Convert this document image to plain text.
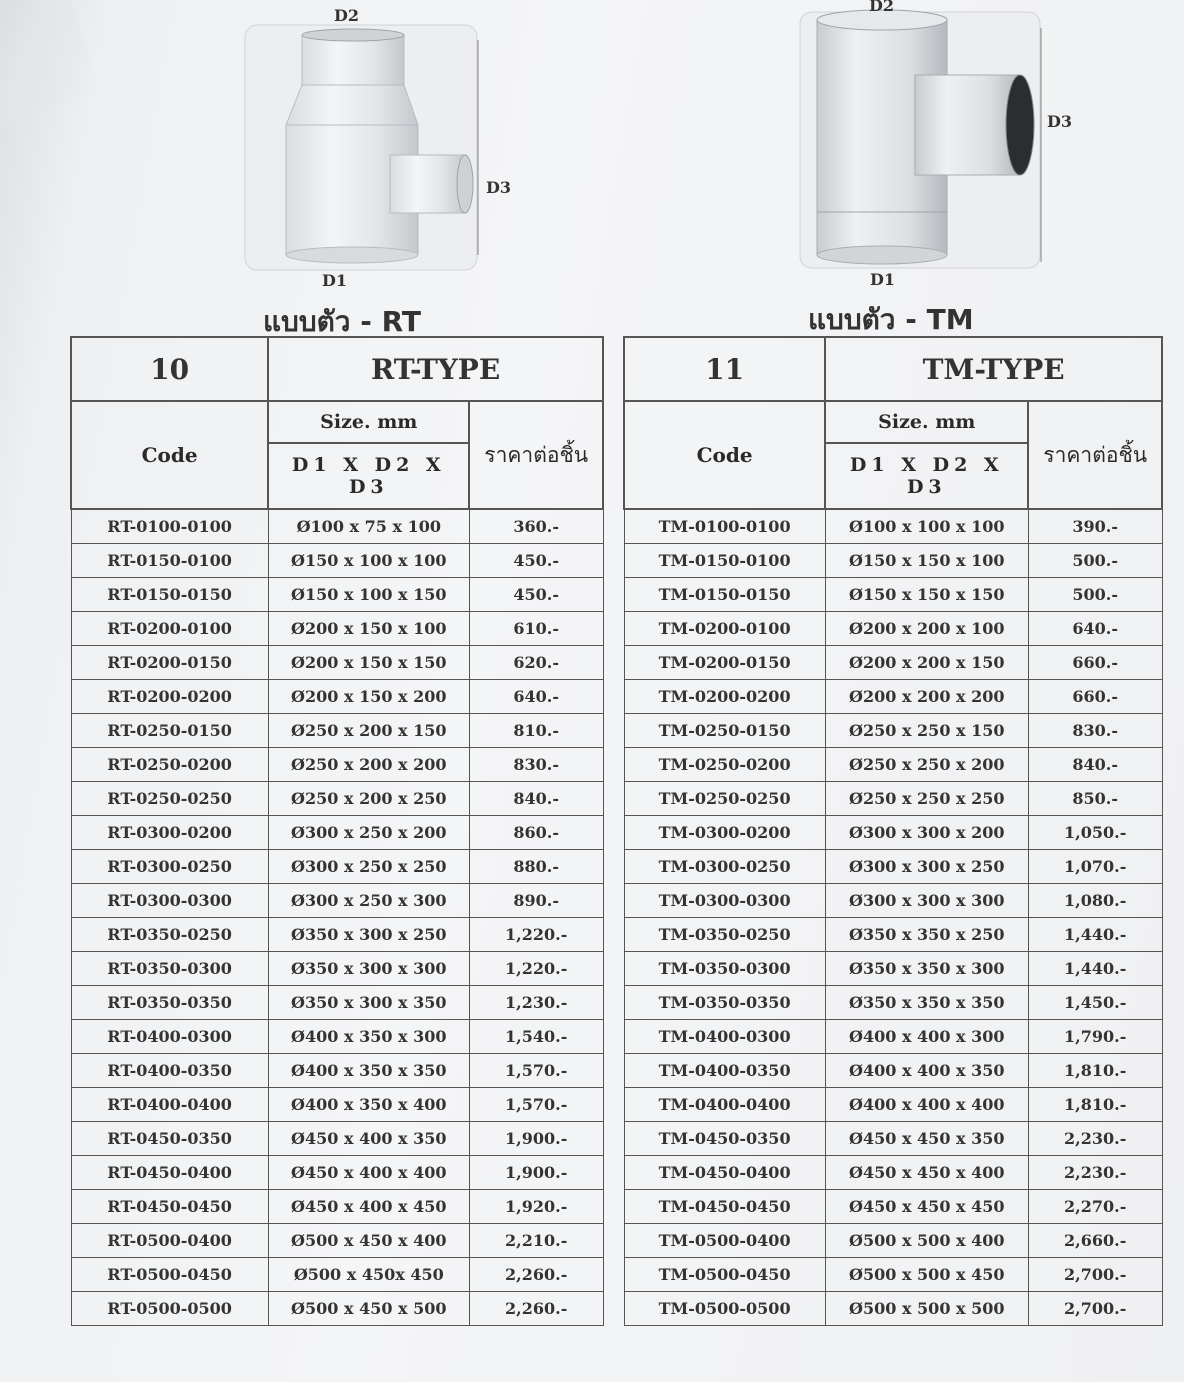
D2
D3
D1
แบบตัว - RT
D2
D3
D1
แบบตัว - TM
10	RT-TYPE	
Code	Size. mm	ราคาต่อชิ้น
	D1 X D2 X D3	
RT-0100-0100	Ø100 x 75 x 100	360.-
RT-0150-0100	Ø150 x 100 x 100	450.-
RT-0150-0150	Ø150 x 100 x 150	450.-
RT-0200-0100	Ø200 x 150 x 100	610.-
RT-0200-0150	Ø200 x 150 x 150	620.-
RT-0200-0200	Ø200 x 150 x 200	640.-
RT-0250-0150	Ø250 x 200 x 150	810.-
RT-0250-0200	Ø250 x 200 x 200	830.-
RT-0250-0250	Ø250 x 200 x 250	840.-
RT-0300-0200	Ø300 x 250 x 200	860.-
RT-0300-0250	Ø300 x 250 x 250	880.-
RT-0300-0300	Ø300 x 250 x 300	890.-
RT-0350-0250	Ø350 x 300 x 250	1,220.-
RT-0350-0300	Ø350 x 300 x 300	1,220.-
RT-0350-0350	Ø350 x 300 x 350	1,230.-
RT-0400-0300	Ø400 x 350 x 300	1,540.-
RT-0400-0350	Ø400 x 350 x 350	1,570.-
RT-0400-0400	Ø400 x 350 x 400	1,570.-
RT-0450-0350	Ø450 x 400 x 350	1,900.-
RT-0450-0400	Ø450 x 400 x 400	1,900.-
RT-0450-0450	Ø450 x 400 x 450	1,920.-
RT-0500-0400	Ø500 x 450 x 400	2,210.-
RT-0500-0450	Ø500 x 450x 450	2,260.-
RT-0500-0500	Ø500 x 450 x 500	2,260.-
11	TM-TYPE	
Code	Size. mm	ราคาต่อชิ้น
	D1 X D2 X D3	
TM-0100-0100	Ø100 x 100 x 100	390.-
TM-0150-0100	Ø150 x 150 x 100	500.-
TM-0150-0150	Ø150 x 150 x 150	500.-
TM-0200-0100	Ø200 x 200 x 100	640.-
TM-0200-0150	Ø200 x 200 x 150	660.-
TM-0200-0200	Ø200 x 200 x 200	660.-
TM-0250-0150	Ø250 x 250 x 150	830.-
TM-0250-0200	Ø250 x 250 x 200	840.-
TM-0250-0250	Ø250 x 250 x 250	850.-
TM-0300-0200	Ø300 x 300 x 200	1,050.-
TM-0300-0250	Ø300 x 300 x 250	1,070.-
TM-0300-0300	Ø300 x 300 x 300	1,080.-
TM-0350-0250	Ø350 x 350 x 250	1,440.-
TM-0350-0300	Ø350 x 350 x 300	1,440.-
TM-0350-0350	Ø350 x 350 x 350	1,450.-
TM-0400-0300	Ø400 x 400 x 300	1,790.-
TM-0400-0350	Ø400 x 400 x 350	1,810.-
TM-0400-0400	Ø400 x 400 x 400	1,810.-
TM-0450-0350	Ø450 x 450 x 350	2,230.-
TM-0450-0400	Ø450 x 450 x 400	2,230.-
TM-0450-0450	Ø450 x 450 x 450	2,270.-
TM-0500-0400	Ø500 x 500 x 400	2,660.-
TM-0500-0450	Ø500 x 500 x 450	2,700.-
TM-0500-0500	Ø500 x 500 x 500	2,700.-
